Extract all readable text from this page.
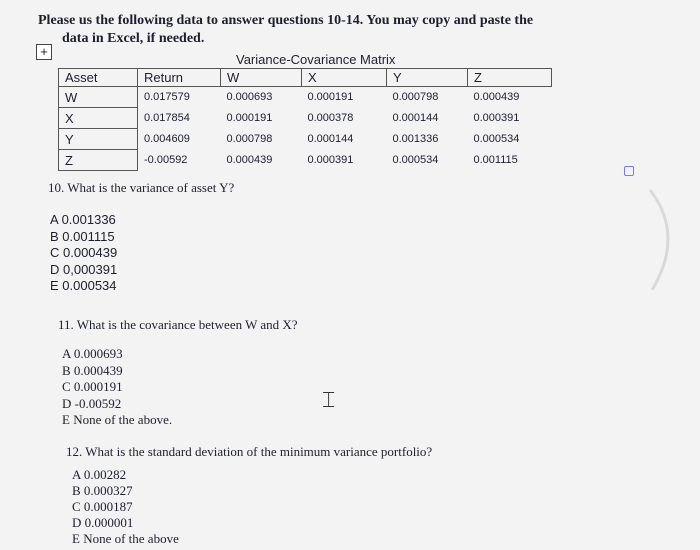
Please us the following data to answer questions 10-14. You may copy and paste the
data in Excel, if needed.
+
Variance-Covariance Matrix
Asset	Return	W	X	Y	Z
W	0.017579	0.000693	0.000191	0.000798	0.000439
X	0.017854	0.000191	0.000378	0.000144	0.000391
Y	0.004609	0.000798	0.000144	0.001336	0.000534
Z	-0.00592	0.000439	0.000391	0.000534	0.001115
10. What is the variance of asset Y?
A 0.001336
B 0.001115
C 0.000439
D 0,000391
E 0.000534
11. What is the covariance between W and X?
A 0.000693
B 0.000439
C 0.000191
D -0.00592
E None of the above.
12. What is the standard deviation of the minimum variance portfolio?
A 0.00282
B 0.000327
C 0.000187
D 0.000001
E None of the above
⌶
